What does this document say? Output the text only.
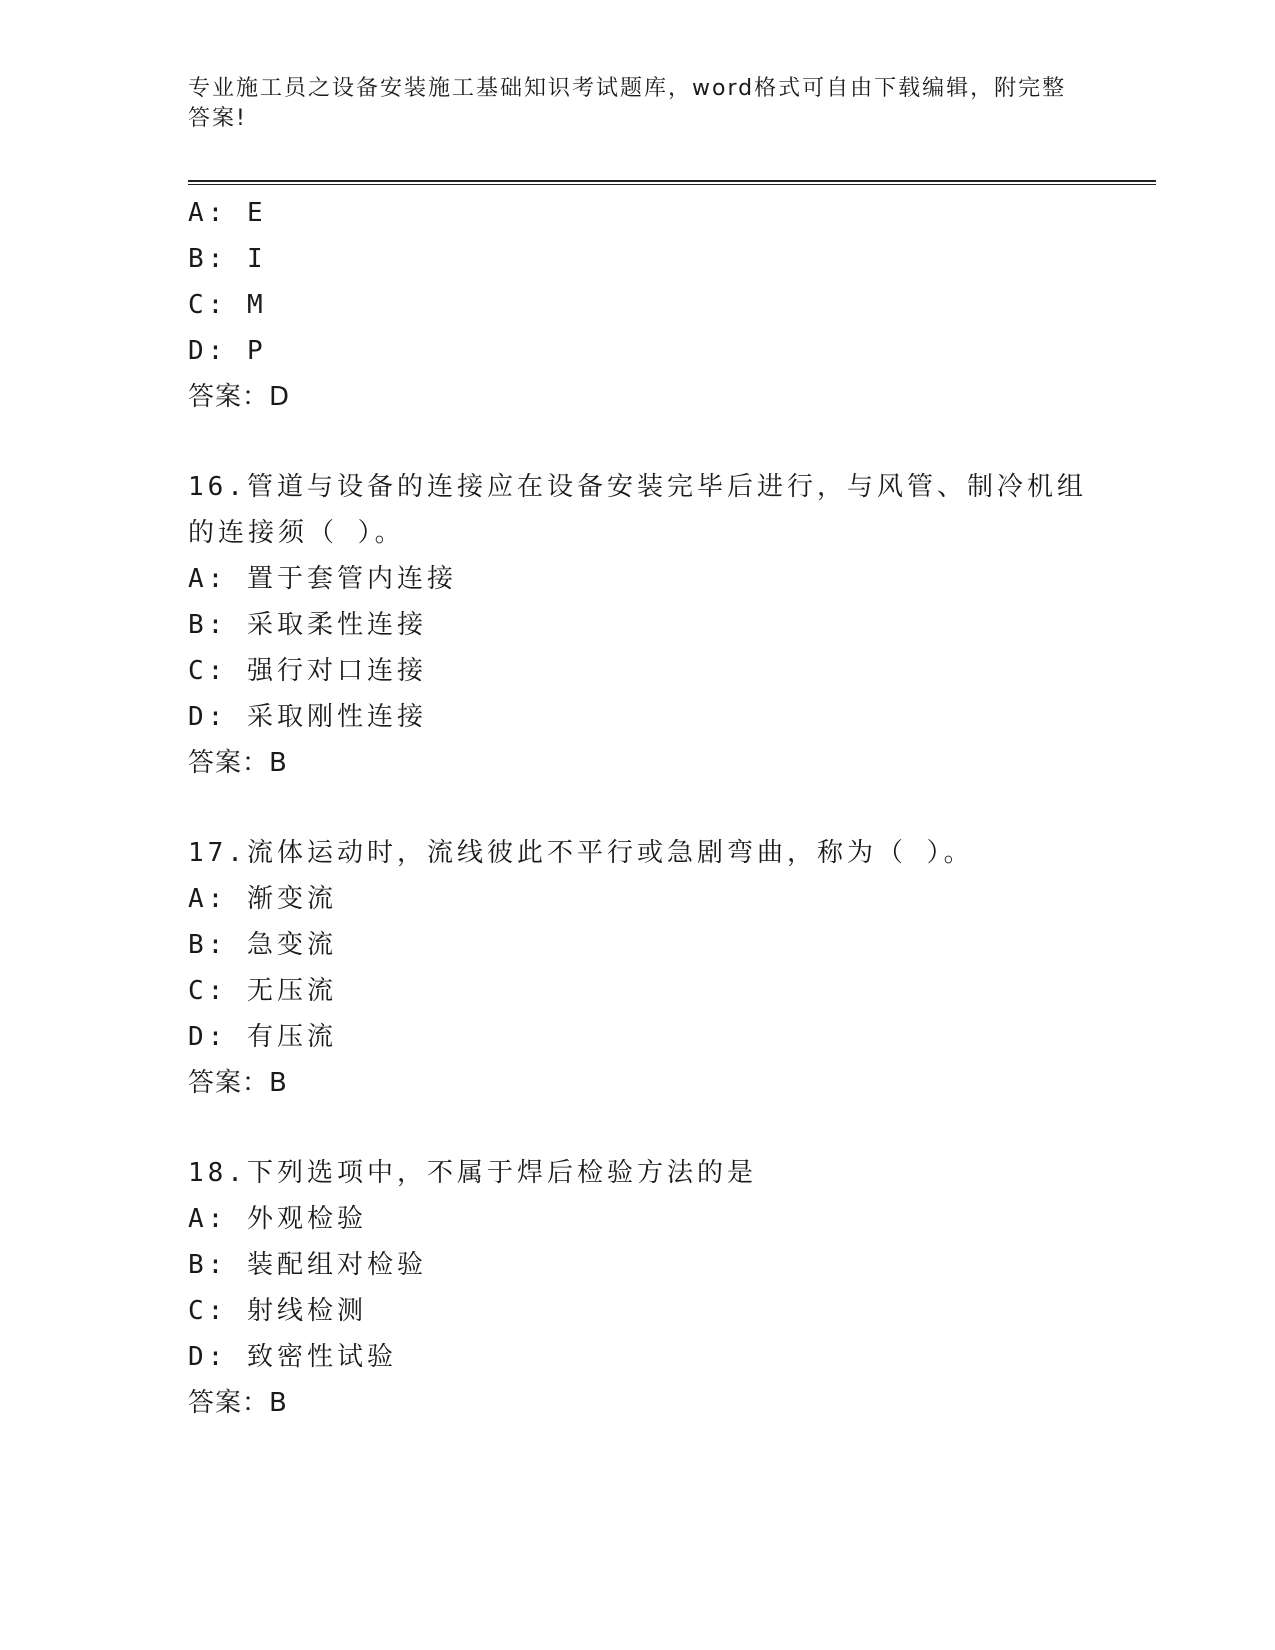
专业施工员之设备安装施工基础知识考试题库，word格式可自由下载编辑，附完整答案!
A: E
B: I
C: M
D: P
答案：D
16.管道与设备的连接应在设备安装完毕后进行，与风管、制冷机组的连接须（ ）。
A: 置于套管内连接
B: 采取柔性连接
C: 强行对口连接
D: 采取刚性连接
答案：B
17.流体运动时，流线彼此不平行或急剧弯曲，称为（ ）。
A: 渐变流
B: 急变流
C: 无压流
D: 有压流
答案：B
18.下列选项中，不属于焊后检验方法的是
A: 外观检验
B: 装配组对检验
C: 射线检测
D: 致密性试验
答案：B
